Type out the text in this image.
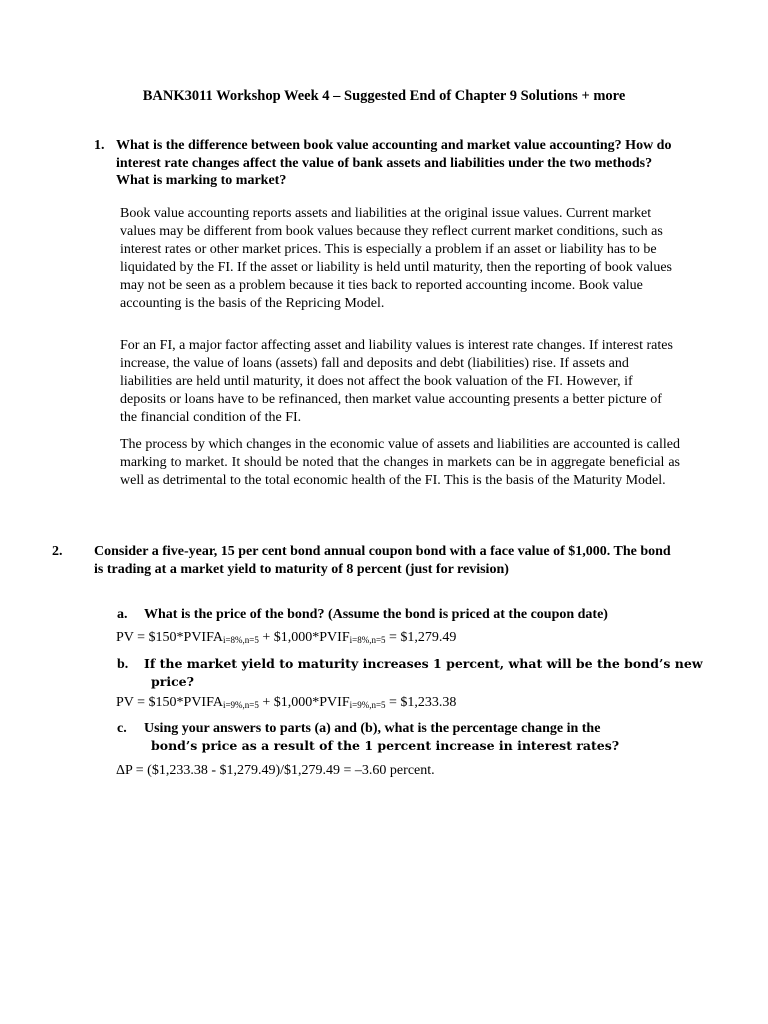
BANK3011 Workshop Week 4 – Suggested End of Chapter 9 Solutions + more
1. What is the difference between book value accounting and market value accounting? How do interest rate changes affect the value of bank assets and liabilities under the two methods? What is marking to market?

Book value accounting reports assets and liabilities at the original issue values. Current market values may be different from book values because they reflect current market conditions, such as interest rates or other market prices. This is especially a problem if an asset or liability has to be liquidated by the FI. If the asset or liability is held until maturity, then the reporting of book values may not be seen as a problem because it ties back to reported accounting income. Book value accounting is the basis of the Repricing Model.

For an FI, a major factor affecting asset and liability values is interest rate changes. If interest rates increase, the value of loans (assets) fall and deposits and debt (liabilities) rise. If assets and liabilities are held until maturity, it does not affect the book valuation of the FI. However, if deposits or loans have to be refinanced, then market value accounting presents a better picture of the financial condition of the FI.

The process by which changes in the economic value of assets and liabilities are accounted is called marking to market. It should be noted that the changes in markets can be in aggregate beneficial as well as detrimental to the total economic health of the FI. This is the basis of the Maturity Model.

2. Consider a five-year, 15 per cent bond annual coupon bond with a face value of $1,000. The bond is trading at a market yield to maturity of 8 percent (just for revision)
a. What is the price of the bond? (Assume the bond is priced at the coupon date)
PV = $\$150*PVIFA_{i=8\%,n=5}$ + $\$1,000*PVIF_{i=8\%,n=5}$ = $1,279.49
b. If the market yield to maturity increases 1 percent, what will be the bond’s new
price?
PV = $\$150*PVIFA_{i=9\%,n=5}$ + $\$1,000*PVIF_{i=9\%,n=5}$ = $1,233.38
c. Using your answers to parts (a) and (b), what is the percentage change in the
bond’s price as a result of the 1 percent increase in interest rates?
ΔP = ($1,233.38 - $1,279.49)/$1,279.49 = –3.60 percent.
